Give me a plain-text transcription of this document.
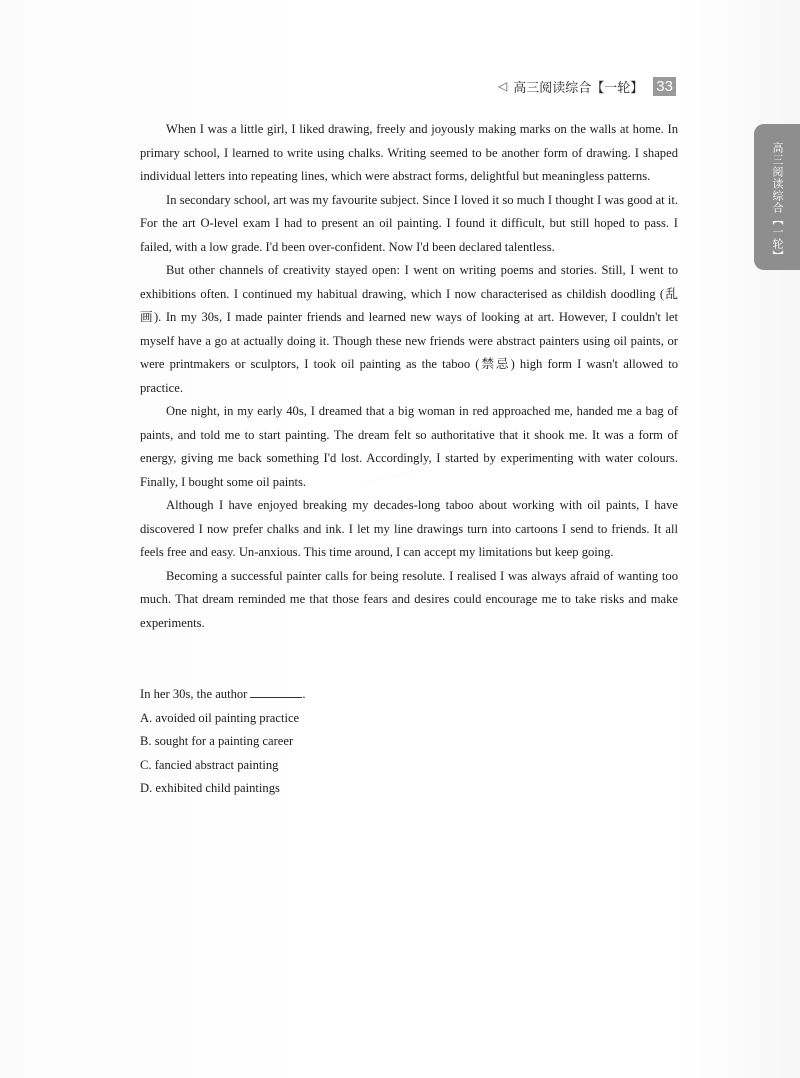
◁ 高三阅读综合【一轮】 33
高三阅读综合【一轮】
· · · · · · · ·

When I was a little girl, I liked drawing, freely and joyously making marks on the walls at home. In primary school, I learned to write using chalks. Writing seemed to be another form of drawing. I shaped individual letters into repeating lines, which were abstract forms, delightful but meaningless patterns.

In secondary school, art was my favourite subject. Since I loved it so much I thought I was good at it. For the art O-level exam I had to present an oil painting. I found it difficult, but still hoped to pass. I failed, with a low grade. I'd been over-confident. Now I'd been declared talentless.

But other channels of creativity stayed open: I went on writing poems and stories. Still, I went to exhibitions often. I continued my habitual drawing, which I now characterised as childish doodling (乱画). In my 30s, I made painter friends and learned new ways of looking at art. However, I couldn't let myself have a go at actually doing it. Though these new friends were abstract painters using oil paints, or were printmakers or sculptors, I took oil painting as the taboo (禁忌) high form I wasn't allowed to practice.

One night, in my early 40s, I dreamed that a big woman in red approached me, handed me a bag of paints, and told me to start painting. The dream felt so authoritative that it shook me. It was a form of energy, giving me back something I'd lost. Accordingly, I started by experimenting with water colours. Finally, I bought some oil paints.

Although I have enjoyed breaking my decades-long taboo about working with oil paints, I have discovered I now prefer chalks and ink. I let my line drawings turn into cartoons I send to friends. It all feels free and easy. Un-anxious. This time around, I can accept my limitations but keep going.

Becoming a successful painter calls for being resolute. I realised I was always afraid of wanting too much. That dream reminded me that those fears and desires could encourage me to take risks and make experiments.

In her 30s, the author	.
A. avoided oil painting practice
B. sought for a painting career
C. fancied abstract painting
D. exhibited child paintings
